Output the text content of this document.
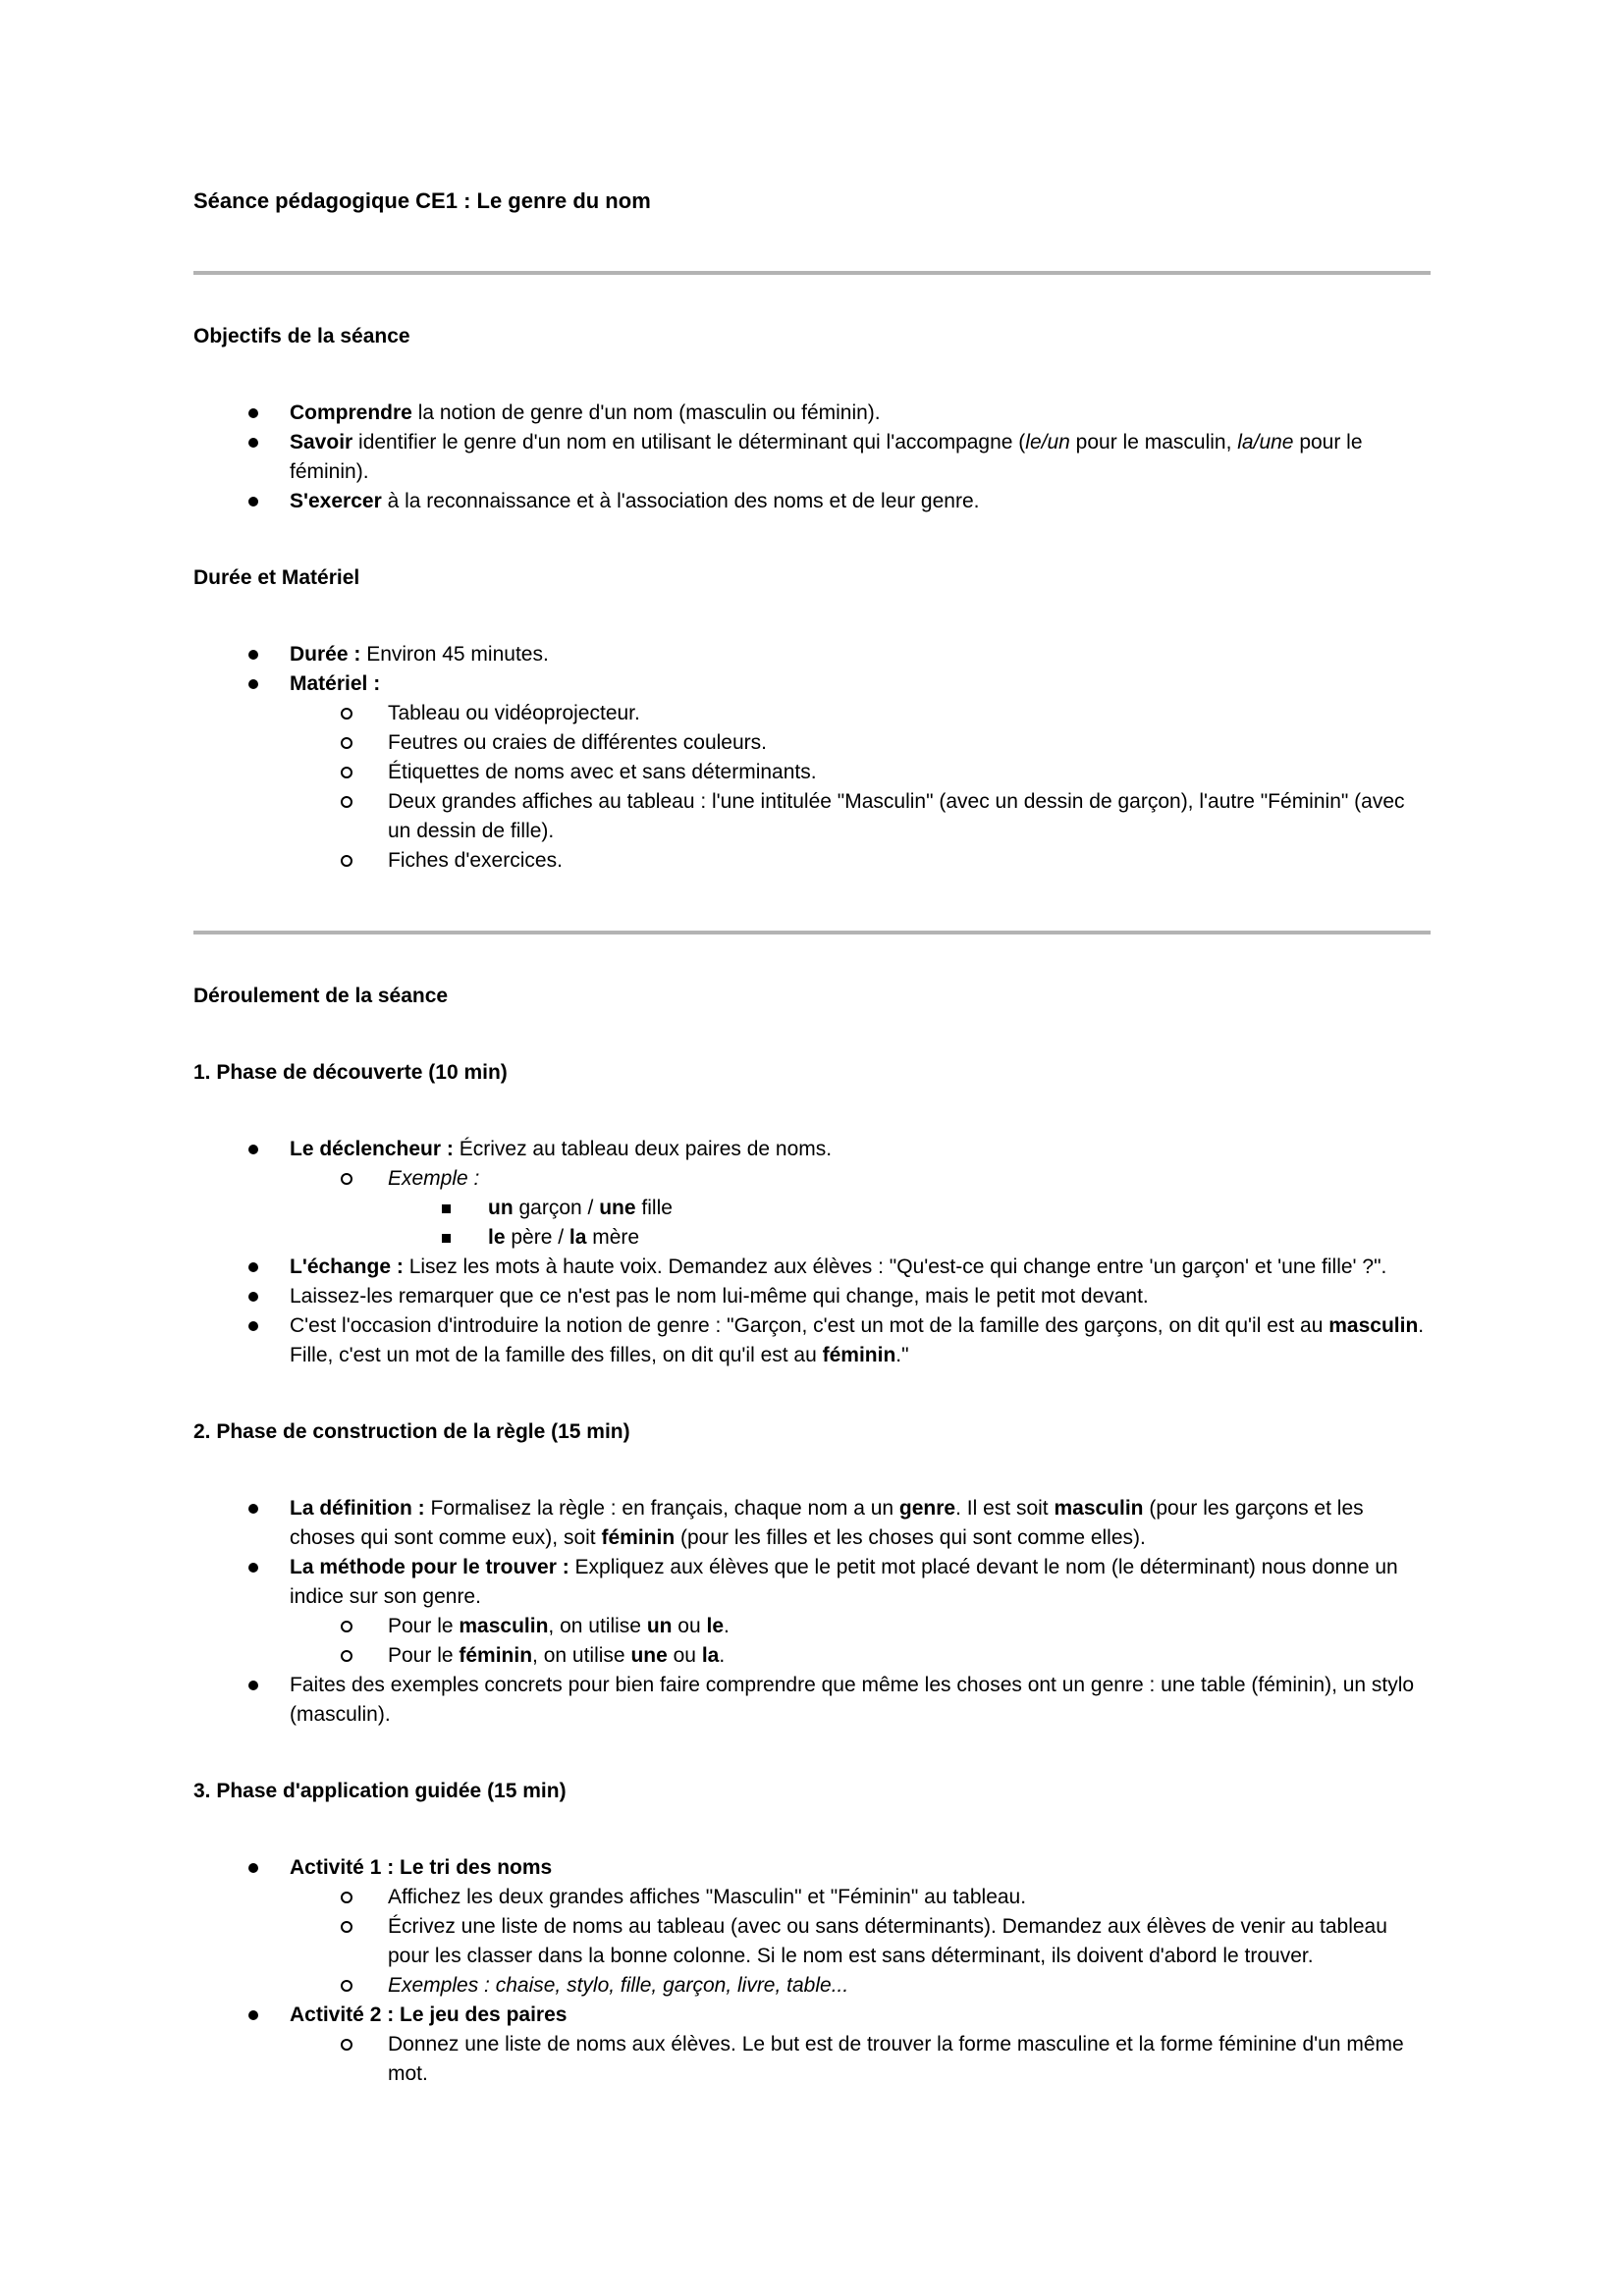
Séance pédagogique CE1 : Le genre du nom
Objectifs de la séance
Comprendre la notion de genre d'un nom (masculin ou féminin).
Savoir identifier le genre d'un nom en utilisant le déterminant qui l'accompagne (le/un pour le masculin, la/une pour le féminin).
S'exercer à la reconnaissance et à l'association des noms et de leur genre.
Durée et Matériel
Durée : Environ 45 minutes.
Matériel :
Tableau ou vidéoprojecteur.
Feutres ou craies de différentes couleurs.
Étiquettes de noms avec et sans déterminants.
Deux grandes affiches au tableau : l'une intitulée "Masculin" (avec un dessin de garçon), l'autre "Féminin" (avec un dessin de fille).
Fiches d'exercices.
Déroulement de la séance
1. Phase de découverte (10 min)
Le déclencheur : Écrivez au tableau deux paires de noms.
Exemple :
un garçon / une fille
le père / la mère
L'échange : Lisez les mots à haute voix. Demandez aux élèves : "Qu'est-ce qui change entre 'un garçon' et 'une fille' ?".
Laissez-les remarquer que ce n'est pas le nom lui-même qui change, mais le petit mot devant.
C'est l'occasion d'introduire la notion de genre : "Garçon, c'est un mot de la famille des garçons, on dit qu'il est au masculin. Fille, c'est un mot de la famille des filles, on dit qu'il est au féminin."
2. Phase de construction de la règle (15 min)
La définition : Formalisez la règle : en français, chaque nom a un genre. Il est soit masculin (pour les garçons et les choses qui sont comme eux), soit féminin (pour les filles et les choses qui sont comme elles).
La méthode pour le trouver : Expliquez aux élèves que le petit mot placé devant le nom (le déterminant) nous donne un indice sur son genre.
Pour le masculin, on utilise un ou le.
Pour le féminin, on utilise une ou la.
Faites des exemples concrets pour bien faire comprendre que même les choses ont un genre : une table (féminin), un stylo (masculin).
3. Phase d'application guidée (15 min)
Activité 1 : Le tri des noms
Affichez les deux grandes affiches "Masculin" et "Féminin" au tableau.
Écrivez une liste de noms au tableau (avec ou sans déterminants). Demandez aux élèves de venir au tableau pour les classer dans la bonne colonne. Si le nom est sans déterminant, ils doivent d'abord le trouver.
Exemples : chaise, stylo, fille, garçon, livre, table...
Activité 2 : Le jeu des paires
Donnez une liste de noms aux élèves. Le but est de trouver la forme masculine et la forme féminine d'un même mot.
